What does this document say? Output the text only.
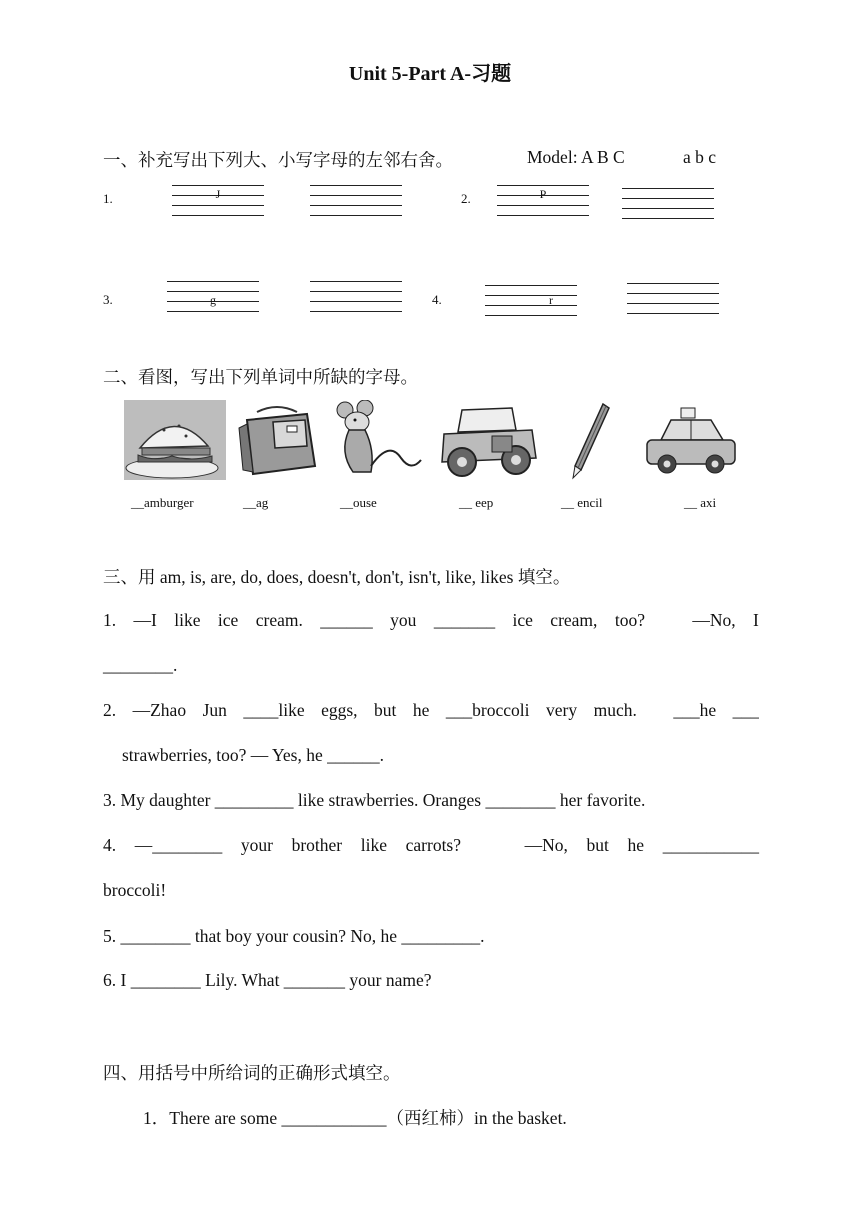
Unit 5-Part A-习题
一、补充写出下列大、小写字母的左邻右舍。	Model: A B C	a b c
1.	J	2.	P
3.	g	4.	r
二、看图，写出下列单词中所缺的字母。
__amburger	__ag	__ouse	__ eep	__ encil	__ axi
三、用 am, is, are, do, does, doesn't, don't, isn't, like, likes 填空。
1. —I like ice cream. ______ you _______ ice cream, too?	—No, I
________.
2. —Zhao Jun ____like eggs, but he ___broccoli very much. ___he ___
strawberries, too? — Yes, he ______.
3. My daughter _________ like strawberries. Oranges ________ her favorite.
4. —________ your brother like carrots?	—No, but he ___________
broccoli!
5. ________ that boy your cousin? No, he _________.
6. I ________ Lily. What _______ your name?
四、用括号中所给词的正确形式填空。
1．There are some ____________（西红柿）in the basket.
